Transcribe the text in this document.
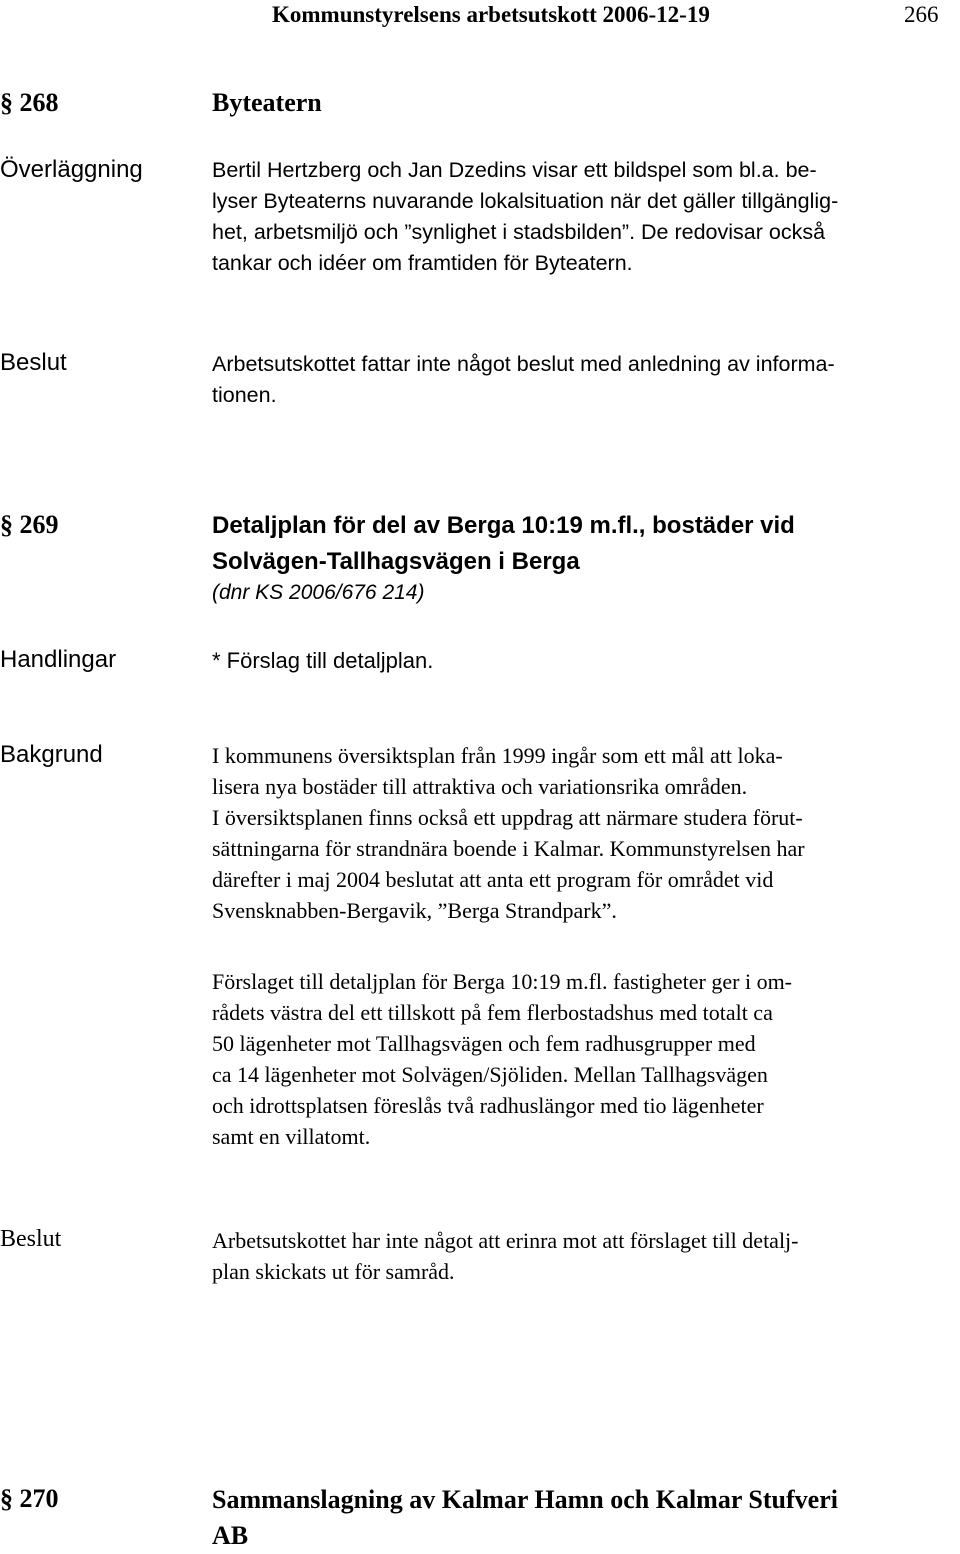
Kommunstyrelsens arbetsutskott 2006-12-19	266
§ 268	Byteatern
Överläggning	Bertil Hertzberg och Jan Dzedins visar ett bildspel som bl.a. be-
lyser Byteaterns nuvarande lokalsituation när det gäller tillgänglig-
het, arbetsmiljö och ”synlighet i stadsbilden”. De redovisar också
tankar och idéer om framtiden för Byteatern.
Beslut	Arbetsutskottet fattar inte något beslut med anledning av informa-
tionen.
§ 269	Detaljplan för del av Berga 10:19 m.fl., bostäder vid
Solvägen-Tallhagsvägen i Berga
(dnr KS 2006/676 214)
Handlingar	* Förslag till detaljplan.
Bakgrund	I kommunens översiktsplan från 1999 ingår som ett mål att loka-
lisera nya bostäder till attraktiva och variationsrika områden.
I översiktsplanen finns också ett uppdrag att närmare studera förut-
sättningarna för strandnära boende i Kalmar. Kommunstyrelsen har
därefter i maj 2004 beslutat att anta ett program för området vid
Svensknabben-Bergavik, ”Berga Strandpark”.
Förslaget till detaljplan för Berga 10:19 m.fl. fastigheter ger i om-
rådets västra del ett tillskott på fem flerbostadshus med totalt ca
50 lägenheter mot Tallhagsvägen och fem radhusgrupper med
ca 14 lägenheter mot Solvägen/Sjöliden. Mellan Tallhagsvägen
och idrottsplatsen föreslås två radhuslängor med tio lägenheter
samt en villatomt.
Beslut	Arbetsutskottet har inte något att erinra mot att förslaget till detalj-
plan skickats ut för samråd.
§ 270	Sammanslagning av Kalmar Hamn och Kalmar Stufveri
AB
